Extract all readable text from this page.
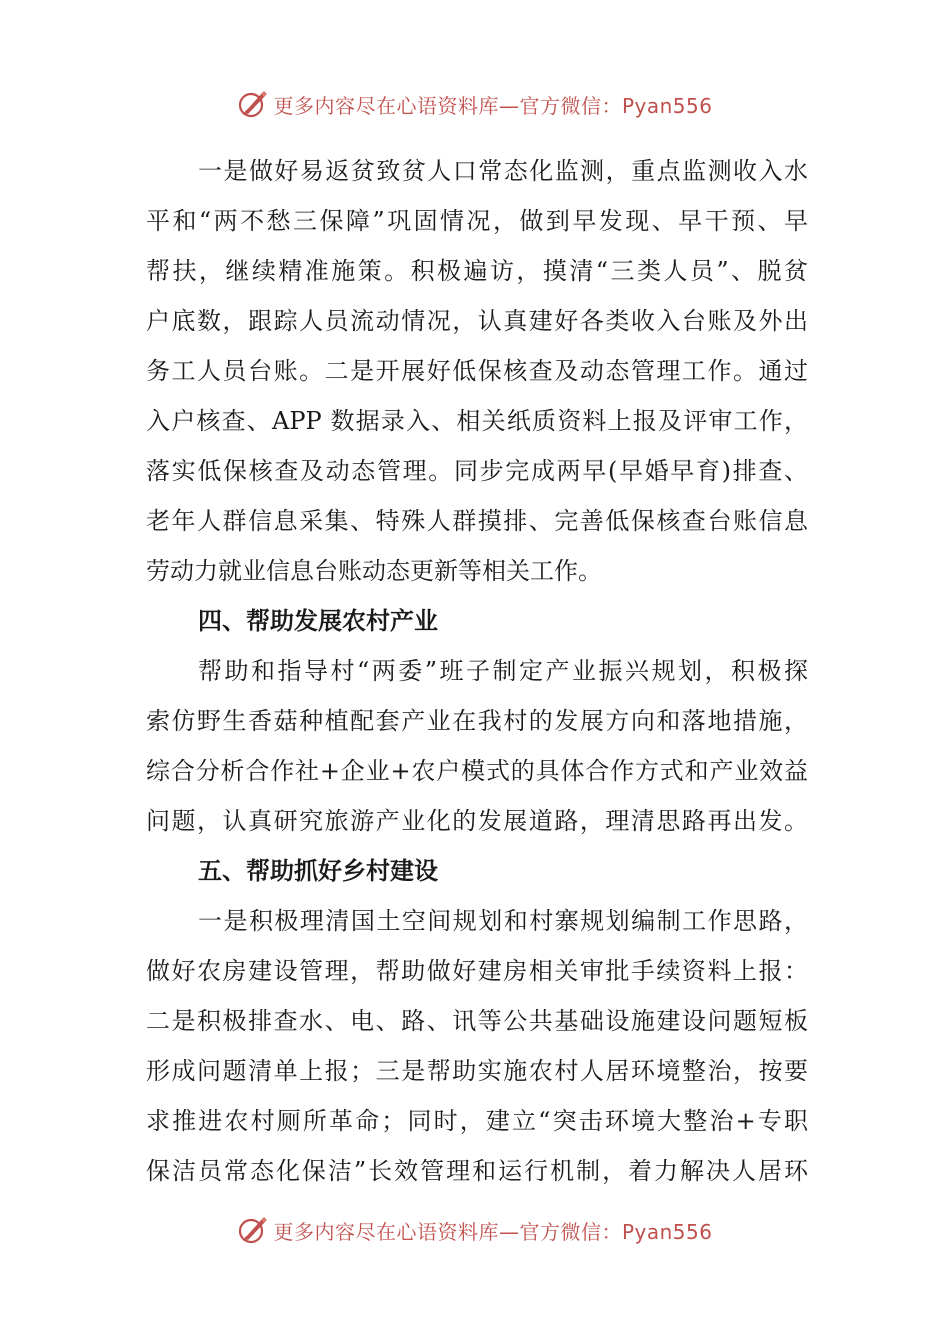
更多内容尽在心语资料库—官方微信：Pyan556
一是做好易返贫致贫人口常态化监测，重点监测收入水
平和“两不愁三保障”巩固情况，做到早发现、早干预、早
帮扶，继续精准施策。积极遍访，摸清“三类人员”、脱贫
户底数，跟踪人员流动情况，认真建好各类收入台账及外出
务工人员台账。二是开展好低保核查及动态管理工作。通过
入户核查、APP 数据录入、相关纸质资料上报及评审工作，
落实低保核查及动态管理。同步完成两早(早婚早育)排查、
老年人群信息采集、特殊人群摸排、完善低保核查台账信息
劳动力就业信息台账动态更新等相关工作。
四、帮助发展农村产业
帮助和指导村“两委”班子制定产业振兴规划，积极探
索仿野生香菇种植配套产业在我村的发展方向和落地措施，
综合分析合作社+企业+农户模式的具体合作方式和产业效益
问题，认真研究旅游产业化的发展道路，理清思路再出发。
五、帮助抓好乡村建设
一是积极理清国土空间规划和村寨规划编制工作思路，
做好农房建设管理，帮助做好建房相关审批手续资料上报：
二是积极排查水、电、路、讯等公共基础设施建设问题短板
形成问题清单上报；三是帮助实施农村人居环境整治，按要
求推进农村厕所革命；同时，建立“突击环境大整治+专职
保洁员常态化保洁”长效管理和运行机制，着力解决人居环
更多内容尽在心语资料库—官方微信：Pyan556
